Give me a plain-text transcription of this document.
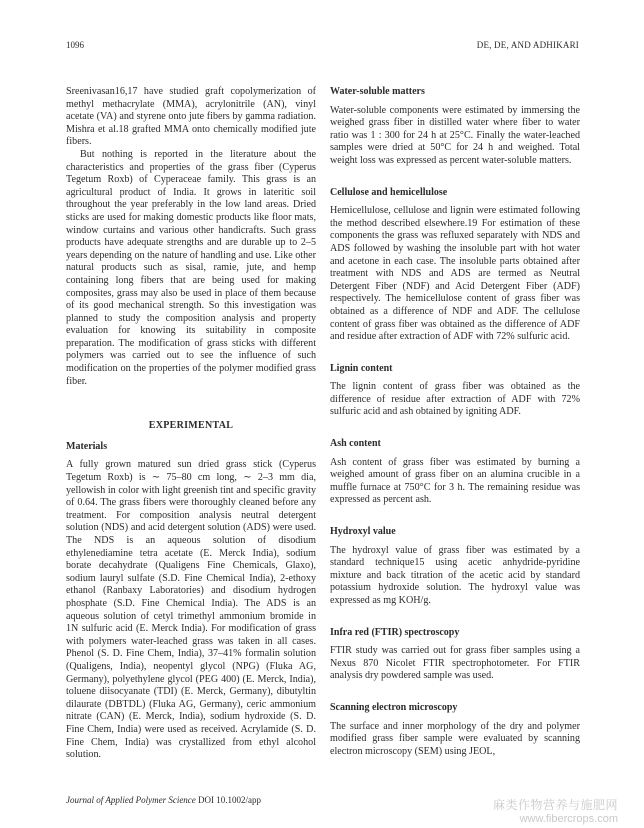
1096	DE, DE, AND ADHIKARI

Sreenivasan16,17 have studied graft copolymerization of methyl methacrylate (MMA), acrylonitrile (AN), vinyl acetate (VA) and styrene onto jute fibers by gamma radiation. Mishra et al.18 grafted MMA onto chemically modified jute fibers.

But nothing is reported in the literature about the characteristics and properties of the grass fiber (Cyperus Tegetum Roxb) of Cyperaceae family. This grass is an agricultural product of India. It grows in lateritic soil throughout the year preferably in the low land areas. Dried sticks are used for making domestic products like floor mats, window curtains and various other handicrafts. Such grass products have adequate strengths and are durable up to 2–5 years depending on the nature of handling and use. Like other natural products such as sisal, ramie, jute, and hemp containing long fibers that are being used for making composites, grass may also be used in place of them because of its good mechanical strength. So this investigation was planned to study the composition analysis and property evaluation for knowing its suitability in composite preparation. The modification of grass sticks with different polymers was carried out to see the influence of such modification on the properties of the polymer modified grass fiber.

EXPERIMENTAL
Materials

A fully grown matured sun dried grass stick (Cyperus Tegetum Roxb) is ∼ 75–80 cm long, ∼ 2–3 mm dia, yellowish in color with light greenish tint and specific gravity of 0.64. The grass fibers were thoroughly cleaned before any treatment. For composition analysis neutral detergent solution (NDS) and acid detergent solution (ADS) were used. The NDS is an aqueous solution of disodium ethylenediamine tetra acetate (E. Merck India), sodium borate decahydrate (Qualigens Fine Chemicals, Glaxo), sodium lauryl sulfate (S.D. Fine Chemical India), 2-ethoxy ethanol (Ranbaxy Laboratories) and disodium hydrogen phosphate (S.D. Fine Chemical India). The ADS is an aqueous solution of cetyl trimethyl ammonium bromide in 1N sulfuric acid (E. Merck India). For modification of grass with polymers water-leached grass was taken in all cases. Phenol (S. D. Fine Chem, India), 37–41% formalin solution (Qualigens, India), neopentyl glycol (NPG) (Fluka AG, Germany), polyethylene glycol (PEG 400) (E. Merck, India), toluene diisocyanate (TDI) (E. Merck, Germany), dibutyltin dilaurate (DBTDL) (Fluka AG, Germany), ceric ammonium nitrate (CAN) (E. Merck, India), sodium hydroxide (S. D. Fine Chem, India) were used as received. Acrylamide (S. D. Fine Chem, India) was crystallized from ethyl alcohol solution.

Water-soluble matters

Water-soluble components were estimated by immersing the weighed grass fiber in distilled water where fiber to water ratio was 1 : 300 for 24 h at 25°C. Finally the water-leached samples were dried at 50°C for 24 h and weighed. Total weight loss was expressed as percent water-soluble matters.

Cellulose and hemicellulose

Hemicellulose, cellulose and lignin were estimated following the method described elsewhere.19 For estimation of these components the grass was refluxed separately with NDS and ADS followed by washing the insoluble part with hot water and acetone in each case. The insoluble parts obtained after treatment with NDS and ADS are termed as Neutral Detergent Fiber (NDF) and Acid Detergent Fiber (ADF) respectively. The hemicellulose content of grass fiber was obtained as a difference of NDF and ADF. The cellulose content of grass fiber was obtained as the difference of ADF and residue after extraction of ADF with 72% sulfuric acid.

Lignin content

The lignin content of grass fiber was obtained as the difference of residue after extraction of ADF with 72% sulfuric acid and ash obtained by igniting ADF.

Ash content

Ash content of grass fiber was estimated by burning a weighed amount of grass fiber on an alumina crucible in a muffle furnace at 750°C for 3 h. The remaining residue was expressed as percent ash.

Hydroxyl value

The hydroxyl value of grass fiber was estimated by a standard technique15 using acetic anhydride-pyridine mixture and back titration of the acetic acid by standard potassium hydroxide solution. The hydroxyl value was expressed as mg KOH/g.

Infra red (FTIR) spectroscopy

FTIR study was carried out for grass fiber samples using a Nexus 870 Nicolet FTIR spectrophotometer. For FTIR analysis dry powdered sample was used.

Scanning electron microscopy

The surface and inner morphology of the dry and polymer modified grass fiber sample were evaluated by scanning electron microscopy (SEM) using JEOL,

Journal of Applied Polymer Science DOI 10.1002/app	麻类作物营养与施肥网
www.fibercrops.com
